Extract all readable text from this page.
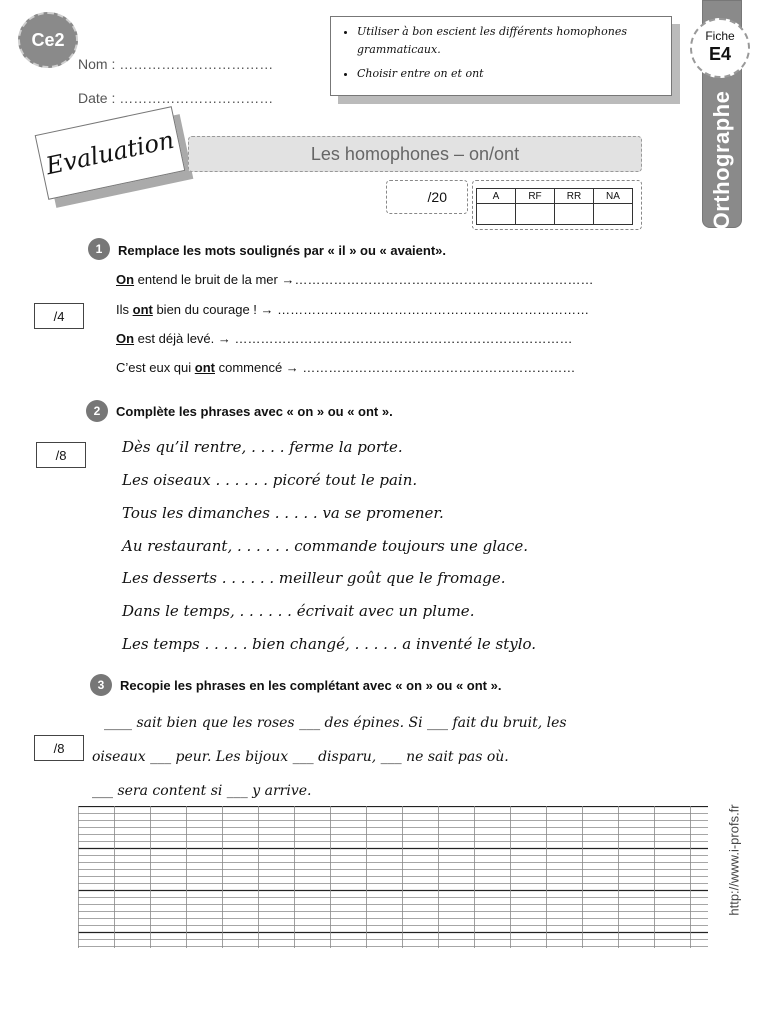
Ce2
Nom : ……………………………
Date : ……………………………
• Utiliser à bon escient les différents homophones grammaticaux.
• Choisir entre on et ont
Orthographe
Fiche
E4
Evaluation	Les homophones – on/ont
/20	A	RF	RR	NA

1	Remplace les mots soulignés par « il » ou « avaient».
/4
On entend le bruit de la mer →……………………………………………………………
Ils ont bien du courage ! → ………………………………………………………………
On est déjà levé. → ……………………………………………………………………
C’est eux qui ont commencé → ………………………………………………………
2	Complète les phrases avec « on » ou « ont ».
/8	Dès qu’il rentre, . . . . ferme la porte.
Les oiseaux . . . . . . picoré tout le pain.
Tous les dimanches . . . . . va se promener.
Au restaurant, . . . . . . commande toujours une glace.
Les desserts . . . . . . meilleur goût que le fromage.
Dans le temps, . . . . . . écrivait avec un plume.
Les temps . . . . . bien changé, . . . . . a inventé le stylo.
3	Recopie les phrases en les complétant avec « on » ou « ont ».
/8
____ sait bien que les roses ___ des épines. Si ___ fait du bruit, les
oiseaux ___ peur. Les bijoux ___ disparu, ___ ne sait pas où.
___ sera content si ___ y arrive.
http://www.i-profs.fr
